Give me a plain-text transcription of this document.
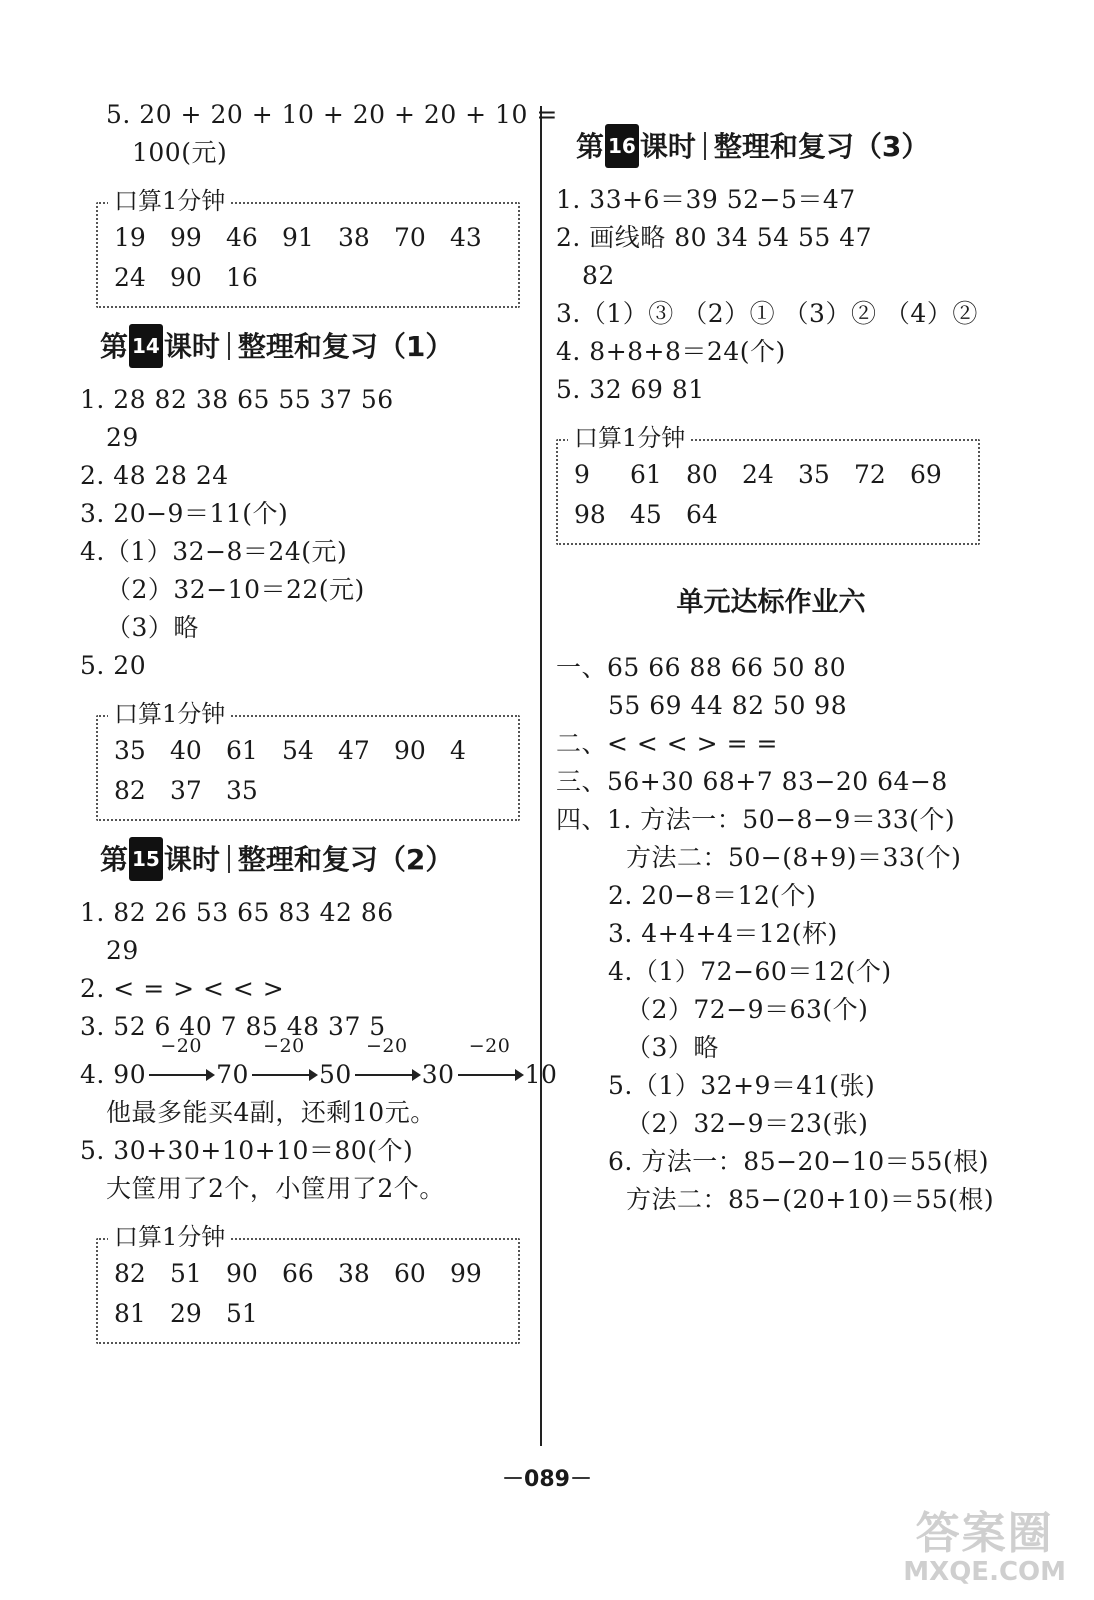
5. 20 + 20 + 10 + 20 + 20 + 10 =
100(元)
口算1分钟
19 99 46 91 38 70 43
24 90 16
第 14 课时 整理和复习（1）
1. 28 82 38 65 55 37 56
29
2. 48 28 24
3. 20−9＝11(个)
4.（1）32−8＝24(元)
（2）32−10＝22(元)
（3）略
5. 20
口算1分钟
35 40 61 54 47 90 4
82 37 35
第 15 课时 整理和复习（2）
1. 82 26 53 65 83 42 86
29
2. < = > < < >
3. 52 6 40 7 85 48 37 5
4. 90
−20
70
−20
50
−20
30
−20
10
他最多能买4副，还剩10元。
5. 30+30+10+10＝80(个)
大筐用了2个，小筐用了2个。
口算1分钟
82 51 90 66 38 60 99
81 29 51
第 16 课时 整理和复习（3）
1. 33+6＝39 52−5＝47
2. 画线略 80 34 54 55 47
82
3.（1）③ （2）① （3）② （4）②
4. 8+8+8＝24(个)
5. 32 69 81
口算1分钟
9 61 80 24 35 72 69
98 45 64
单元达标作业六
一、65 66 88 66 50 80
55 69 44 82 50 98
二、< < < > = =
三、56+30 68+7 83−20 64−8
四、1. 方法一：50−8−9＝33(个)
方法二：50−(8+9)＝33(个)
2. 20−8＝12(个)
3. 4+4+4＝12(杯)
4.（1）72−60＝12(个)
（2）72−9＝63(个)
（3）略
5.（1）32+9＝41(张)
（2）32−9＝23(张)
6. 方法一：85−20−10＝55(根)
方法二：85−(20+10)＝55(根)
－089－
答案圈
MXQE.COM
